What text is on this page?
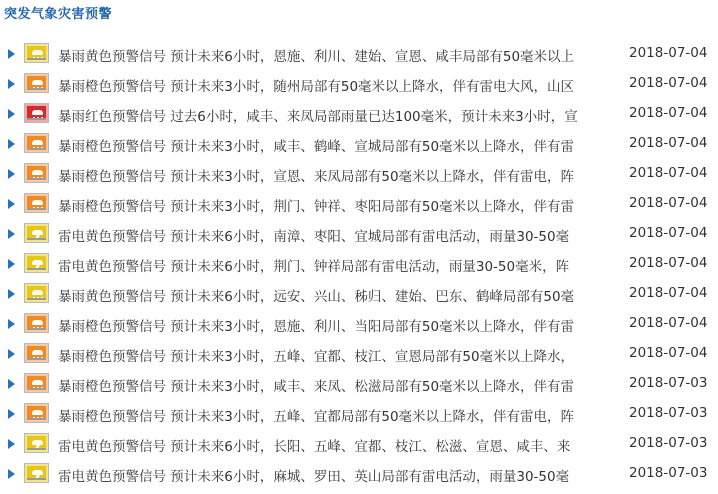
突发气象灾害预警
暴雨黄色预警信号 预计未来6小时，恩施、利川、建始、宣恩、咸丰局部有50毫米以上	2018-07-04
暴雨橙色预警信号 预计未来3小时，随州局部有50毫米以上降水，伴有雷电大风，山区	2018-07-04
暴雨红色预警信号 过去6小时，咸丰、来凤局部雨量已达100毫米，预计未来3小时，宣	2018-07-04
暴雨橙色预警信号 预计未来3小时，咸丰、鹤峰、宣城局部有50毫米以上降水，伴有雷	2018-07-04
暴雨橙色预警信号 预计未来3小时，宣恩、来凤局部有50毫米以上降水，伴有雷电，阵	2018-07-04
暴雨橙色预警信号 预计未来3小时，荆门、钟祥、枣阳局部有50毫米以上降水，伴有雷	2018-07-04
雷电黄色预警信号 预计未来6小时，南漳、枣阳、宜城局部有雷电活动，雨量30-50毫	2018-07-04
雷电黄色预警信号 预计未来6小时，荆门、钟祥局部有雷电活动，雨量30-50毫米，阵	2018-07-04
暴雨黄色预警信号 预计未来6小时，远安、兴山、秭归、建始、巴东、鹤峰局部有50毫	2018-07-04
暴雨橙色预警信号 预计未来3小时，恩施、利川、当阳局部有50毫米以上降水，伴有雷	2018-07-04
暴雨橙色预警信号 预计未来3小时，五峰、宜都、枝江、宣恩局部有50毫米以上降水，	2018-07-04
暴雨橙色预警信号 预计未来3小时，咸丰、来凤、松滋局部有50毫米以上降水，伴有雷	2018-07-03
暴雨橙色预警信号 预计未来3小时，五峰、宜都局部有50毫米以上降水，伴有雷电，阵	2018-07-03
雷电黄色预警信号 预计未来6小时，长阳、五峰、宜都、枝江、松滋、宣恩、咸丰、来	2018-07-03
雷电黄色预警信号 预计未来6小时，麻城、罗田、英山局部有雷电活动，雨量30-50毫	2018-07-03
